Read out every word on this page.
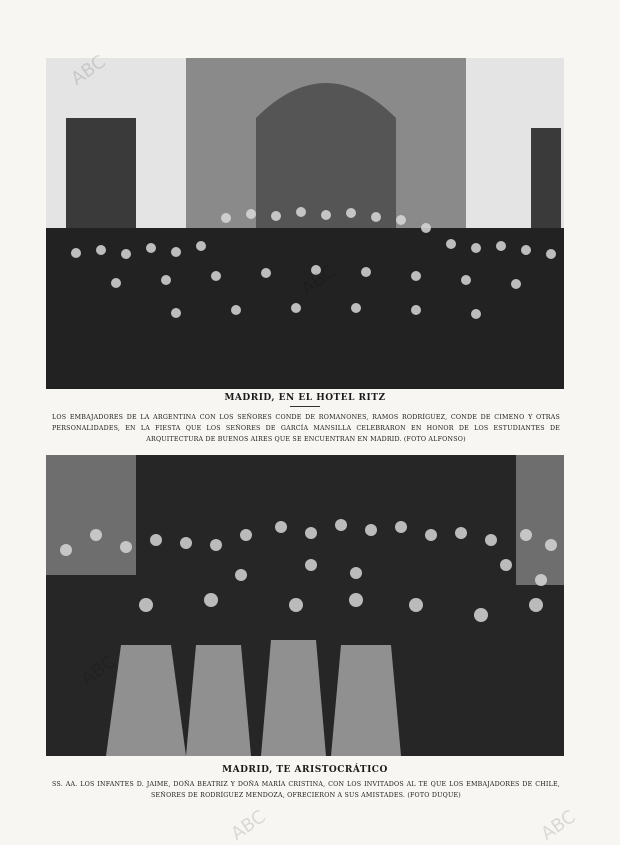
MADRID, EN EL HOTEL RITZ

LOS EMBAJADORES DE LA ARGENTINA CON LOS SEÑORES CONDE DE ROMANONES, RAMOS RODRÍGUEZ, CONDE DE CIMENO Y OTRAS PERSONALIDADES, EN LA FIESTA QUE LOS SEÑORES DE GARCÍA MANSILLA CELEBRARON EN HONOR DE LOS ESTUDIANTES DE ARQUITECTURA DE BUENOS AIRES QUE SE ENCUENTRAN EN MADRID. (FOTO ALFONSO)

MADRID, TE ARISTOCRÁTICO

SS. AA. LOS INFANTES D. JAIME, DOÑA BEATRIZ Y DOÑA MARÍA CRISTINA, CON LOS INVITADOS AL TE QUE LOS EMBAJADORES DE CHILE, SEÑORES DE RODRÍGUEZ MENDOZA, OFRECIERON A SUS AMISTADES. (FOTO DUQUE)

ABC	ABC
